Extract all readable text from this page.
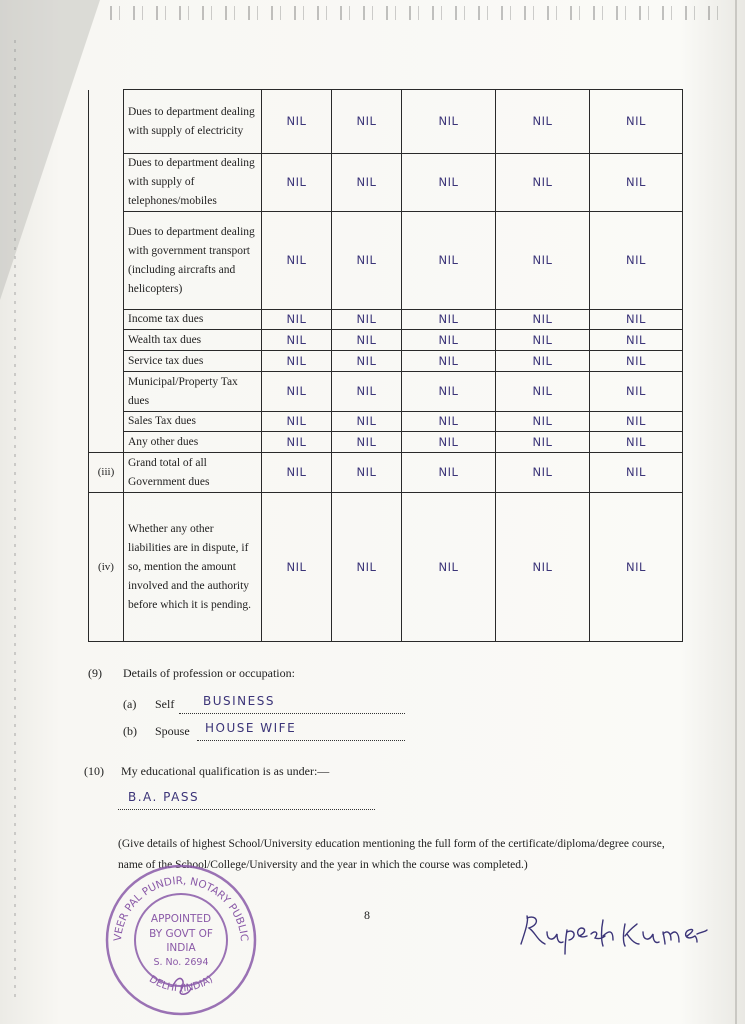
	Dues to department dealing with supply of electricity	NIL	NIL	NIL	NIL	NIL
	Dues to department dealing with supply of telephones/mobiles	NIL	NIL	NIL	NIL	NIL
	Dues to department dealing with government transport (including aircrafts and helicopters)	NIL	NIL	NIL	NIL	NIL
	Income tax dues	NIL	NIL	NIL	NIL	NIL
	Wealth tax dues	NIL	NIL	NIL	NIL	NIL
	Service tax dues	NIL	NIL	NIL	NIL	NIL
	Municipal/Property Tax dues	NIL	NIL	NIL	NIL	NIL
	Sales Tax dues	NIL	NIL	NIL	NIL	NIL
	Any other dues	NIL	NIL	NIL	NIL	NIL
(iii)	Grand total of all Government dues	NIL	NIL	NIL	NIL	NIL
(iv)	Whether any other liabilities are in dispute, if so, mention the amount involved and the authority before which it is pending.	NIL	NIL	NIL	NIL	NIL
(9) Details of profession or occupation:
(a) Self BUSINESS
(b) Spouse HOUSE WIFE
(10) My educational qualification is as under:—
B.A. PASS
(Give details of highest School/University education mentioning the full form of the certificate/diploma/degree course, name of the School/College/University and the year in which the course was completed.)
8
VEER PAL PUNDIR, NOTARY PUBLIC
DELHI (INDIA)
APPOINTED
BY GOVT OF
INDIA
S. No. 2694
